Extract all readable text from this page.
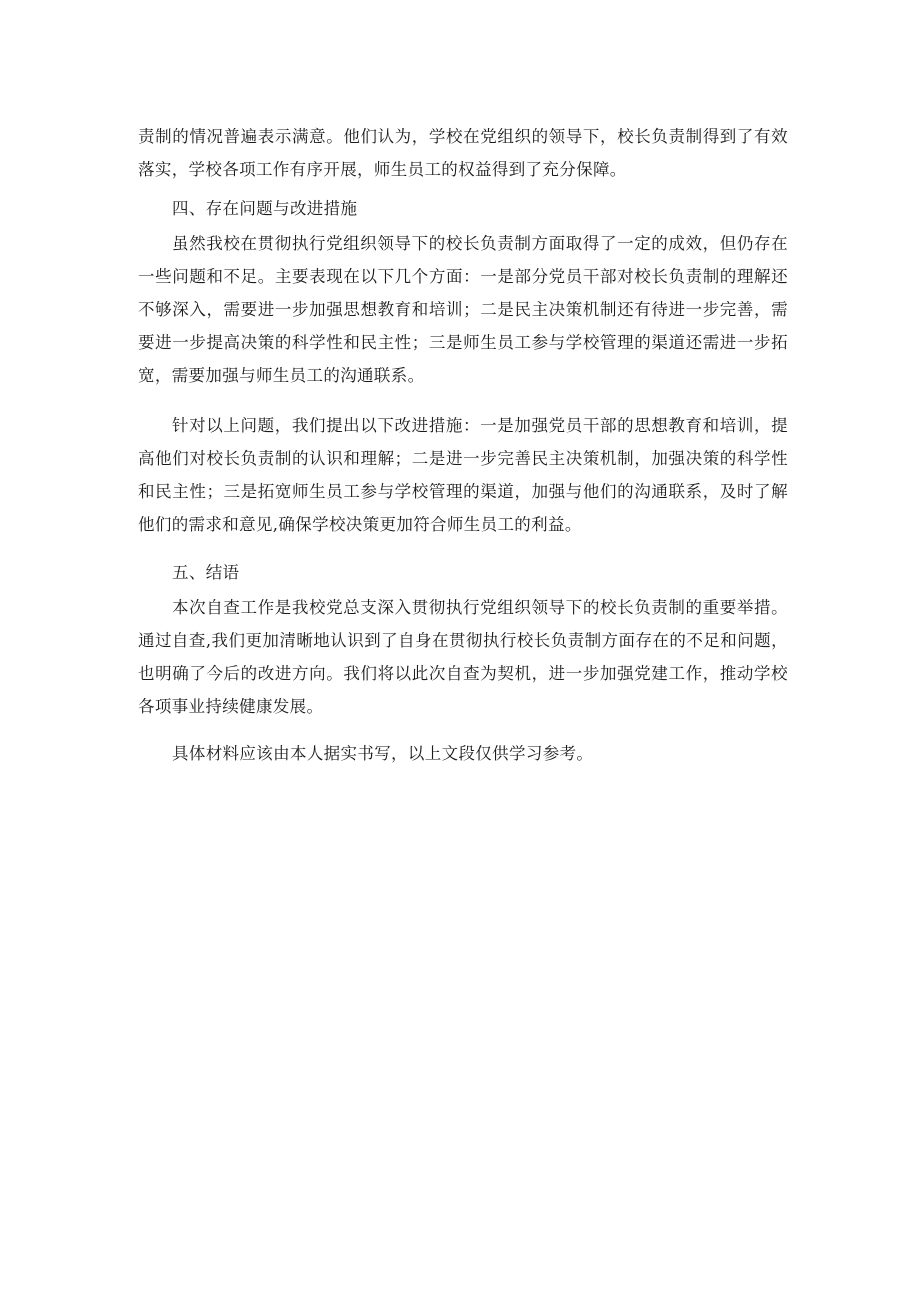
责制的情况普遍表示满意。他们认为，学校在党组织的领导下，校长负责制得到了有效落实，学校各项工作有序开展，师生员工的权益得到了充分保障。

四、存在问题与改进措施

虽然我校在贯彻执行党组织领导下的校长负责制方面取得了一定的成效，但仍存在一些问题和不足。主要表现在以下几个方面：一是部分党员干部对校长负责制的理解还不够深入，需要进一步加强思想教育和培训；二是民主决策机制还有待进一步完善，需要进一步提高决策的科学性和民主性；三是师生员工参与学校管理的渠道还需进一步拓宽，需要加强与师生员工的沟通联系。

针对以上问题，我们提出以下改进措施：一是加强党员干部的思想教育和培训，提高他们对校长负责制的认识和理解；二是进一步完善民主决策机制，加强决策的科学性和民主性；三是拓宽师生员工参与学校管理的渠道，加强与他们的沟通联系，及时了解他们的需求和意见,确保学校决策更加符合师生员工的利益。

五、结语

本次自查工作是我校党总支深入贯彻执行党组织领导下的校长负责制的重要举措。通过自查,我们更加清晰地认识到了自身在贯彻执行校长负责制方面存在的不足和问题，也明确了今后的改进方向。我们将以此次自查为契机，进一步加强党建工作，推动学校各项事业持续健康发展。

具体材料应该由本人据实书写，以上文段仅供学习参考。
